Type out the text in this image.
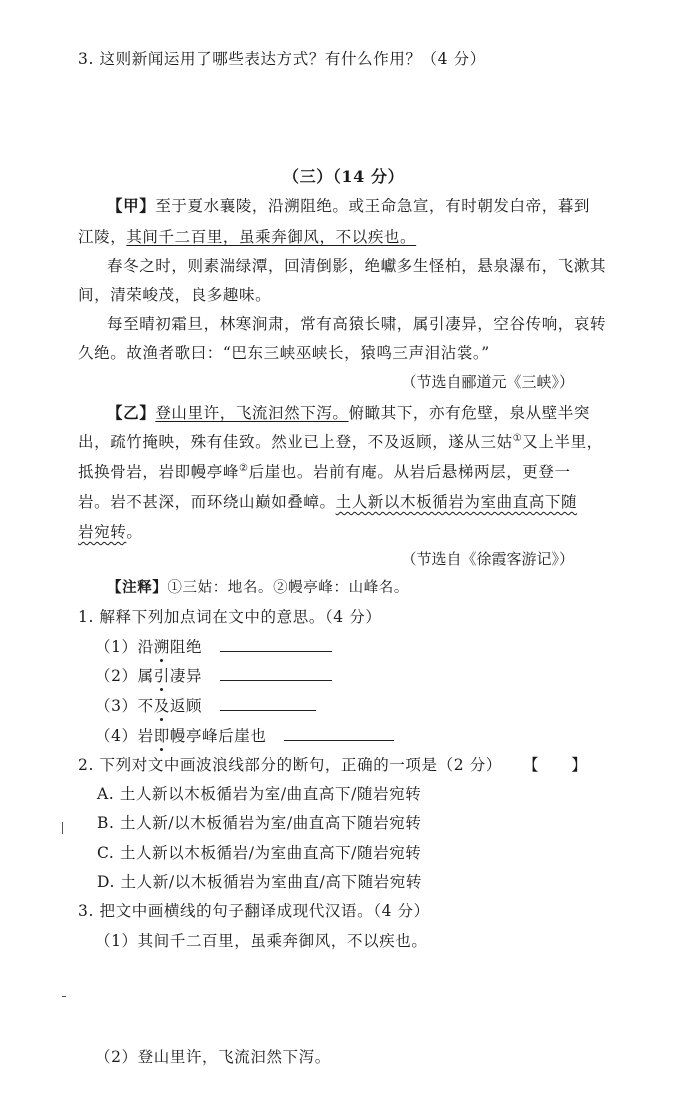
3. 这则新闻运用了哪些表达方式？有什么作用？（4 分）
（三）（14 分）
【甲】至于夏水襄陵，沿溯阻绝。或王命急宣，有时朝发白帝，暮到
江陵，其间千二百里，虽乘奔御风，不以疾也。
春冬之时，则素湍绿潭，回清倒影，绝巘多生怪柏，悬泉瀑布，飞漱其
间，清荣峻茂，良多趣味。
每至晴初霜旦，林寒涧肃，常有高猿长啸，属引凄异，空谷传响，哀转
久绝。故渔者歌曰：“巴东三峡巫峡长，猿鸣三声泪沾裳。”
（节选自郦道元《三峡》）
【乙】登山里许，飞流汩然下泻。俯瞰其下，亦有危壁，泉从壁半突
出，疏竹掩映，殊有佳致。然业已上登，不及返顾，遂从三姑①又上半里，
抵换骨岩，岩即幔亭峰②后崖也。岩前有庵。从岩后悬梯两层，更登一
岩。岩不甚深，而环绕山巅如叠嶂。土人新以木板循岩为室曲直高下随
岩宛转。
（节选自《徐霞客游记》）
【注释】①三姑：地名。②幔亭峰：山峰名。
1. 解释下列加点词在文中的意思。（4 分）
（1）沿溯阻绝
（2）属引凄异
（3）不及返顾
（4）岩即幔亭峰后崖也
2. 下列对文中画波浪线部分的断句，正确的一项是（2 分） 【　　】
A. 土人新以木板循岩为室/曲直高下/随岩宛转
B. 土人新/以木板循岩为室/曲直高下随岩宛转
C. 土人新以木板循岩/为室曲直高下/随岩宛转
D. 土人新/以木板循岩为室曲直/高下随岩宛转
3. 把文中画横线的句子翻译成现代汉语。（4 分）
（1）其间千二百里，虽乘奔御风，不以疾也。
（2）登山里许，飞流汩然下泻。
